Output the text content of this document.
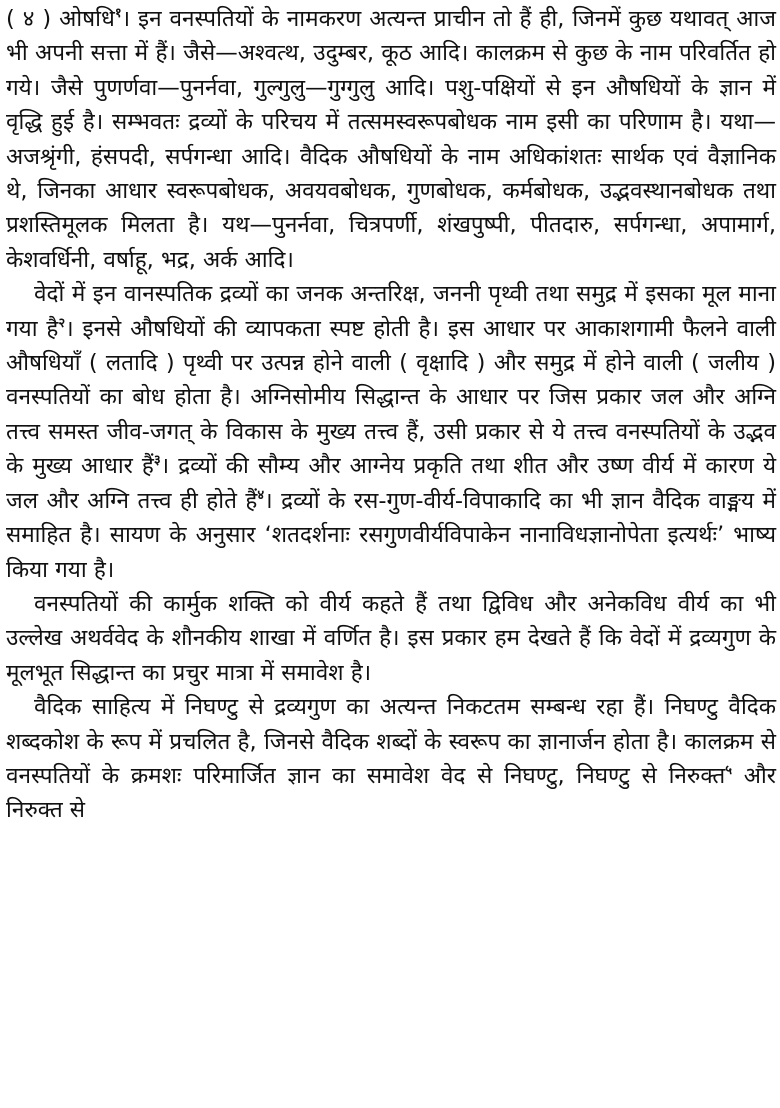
( ४ ) ओषधि$^१$। इन वनस्पतियों के नामकरण अत्यन्त प्राचीन तो हैं ही, जिनमें कुछ यथावत् आज भी अपनी सत्ता में हैं। जैसे—अश्वत्थ, उदुम्बर, कूठ आदि। कालक्रम से कुछ के नाम परिवर्तित हो गये। जैसे पुणर्णवा—पुनर्नवा, गुल्गुलु—गुग्गुलु आदि। पशु-पक्षियों से इन औषधियों के ज्ञान में वृद्धि हुई है। सम्भवतः द्रव्यों के परिचय में तत्समस्वरूपबोधक नाम इसी का परिणाम है। यथा—अजश्रृंगी, हंसपदी, सर्पगन्धा आदि। वैदिक औषधियों के नाम अधिकांशतः सार्थक एवं वैज्ञानिक थे, जिनका आधार स्वरूपबोधक, अवयवबोधक, गुणबोधक, कर्मबोधक, उद्भवस्थानबोधक तथा प्रशस्तिमूलक मिलता है। यथ—पुनर्नवा, चित्रपर्णी, शंखपुष्पी, पीतदारु, सर्पगन्धा, अपामार्ग, केशवर्धिनी, वर्षाहू, भद्र, अर्क आदि।

वेदों में इन वानस्पतिक द्रव्यों का जनक अन्तरिक्ष, जननी पृथ्वी तथा समुद्र में इसका मूल माना गया है$^२$। इनसे औषधियों की व्यापकता स्पष्ट होती है। इस आधार पर आकाशगामी फैलने वाली औषधियाँ ( लतादि ) पृथ्वी पर उत्पन्न होने वाली ( वृक्षादि ) और समुद्र में होने वाली ( जलीय ) वनस्पतियों का बोध होता है। अग्निसोमीय सिद्धान्त के आधार पर जिस प्रकार जल और अग्नि तत्त्व समस्त जीव-जगत् के विकास के मुख्य तत्त्व हैं, उसी प्रकार से ये तत्त्व वनस्पतियों के उद्भव के मुख्य आधार हैं$^३$। द्रव्यों की सौम्य और आग्नेय प्रकृति तथा शीत और उष्ण वीर्य में कारण ये जल और अग्नि तत्त्व ही होते हैं$^४$। द्रव्यों के रस-गुण-वीर्य-विपाकादि का भी ज्ञान वैदिक वाङ्मय में समाहित है। सायण के अनुसार ‘शतदर्शनाः रसगुणवीर्यविपाकेन नानाविधज्ञानोपेता इत्यर्थः’ भाष्य किया गया है।

वनस्पतियों की कार्मुक शक्ति को वीर्य कहते हैं तथा द्विविध और अनेकविध वीर्य का भी उल्लेख अथर्ववेद के शौनकीय शाखा में वर्णित है। इस प्रकार हम देखते हैं कि वेदों में द्रव्यगुण के मूलभूत सिद्धान्त का प्रचुर मात्रा में समावेश है।

वैदिक साहित्य में निघण्टु से द्रव्यगुण का अत्यन्त निकटतम सम्बन्ध रहा हैं। निघण्टु वैदिक शब्दकोश के रूप में प्रचलित है, जिनसे वैदिक शब्दों के स्वरूप का ज्ञानार्जन होता है। कालक्रम से वनस्पतियों के क्रमशः परिमार्जित ज्ञान का समावेश वेद से निघण्टु, निघण्टु से निरुक्त$^५$ और निरुक्त से
